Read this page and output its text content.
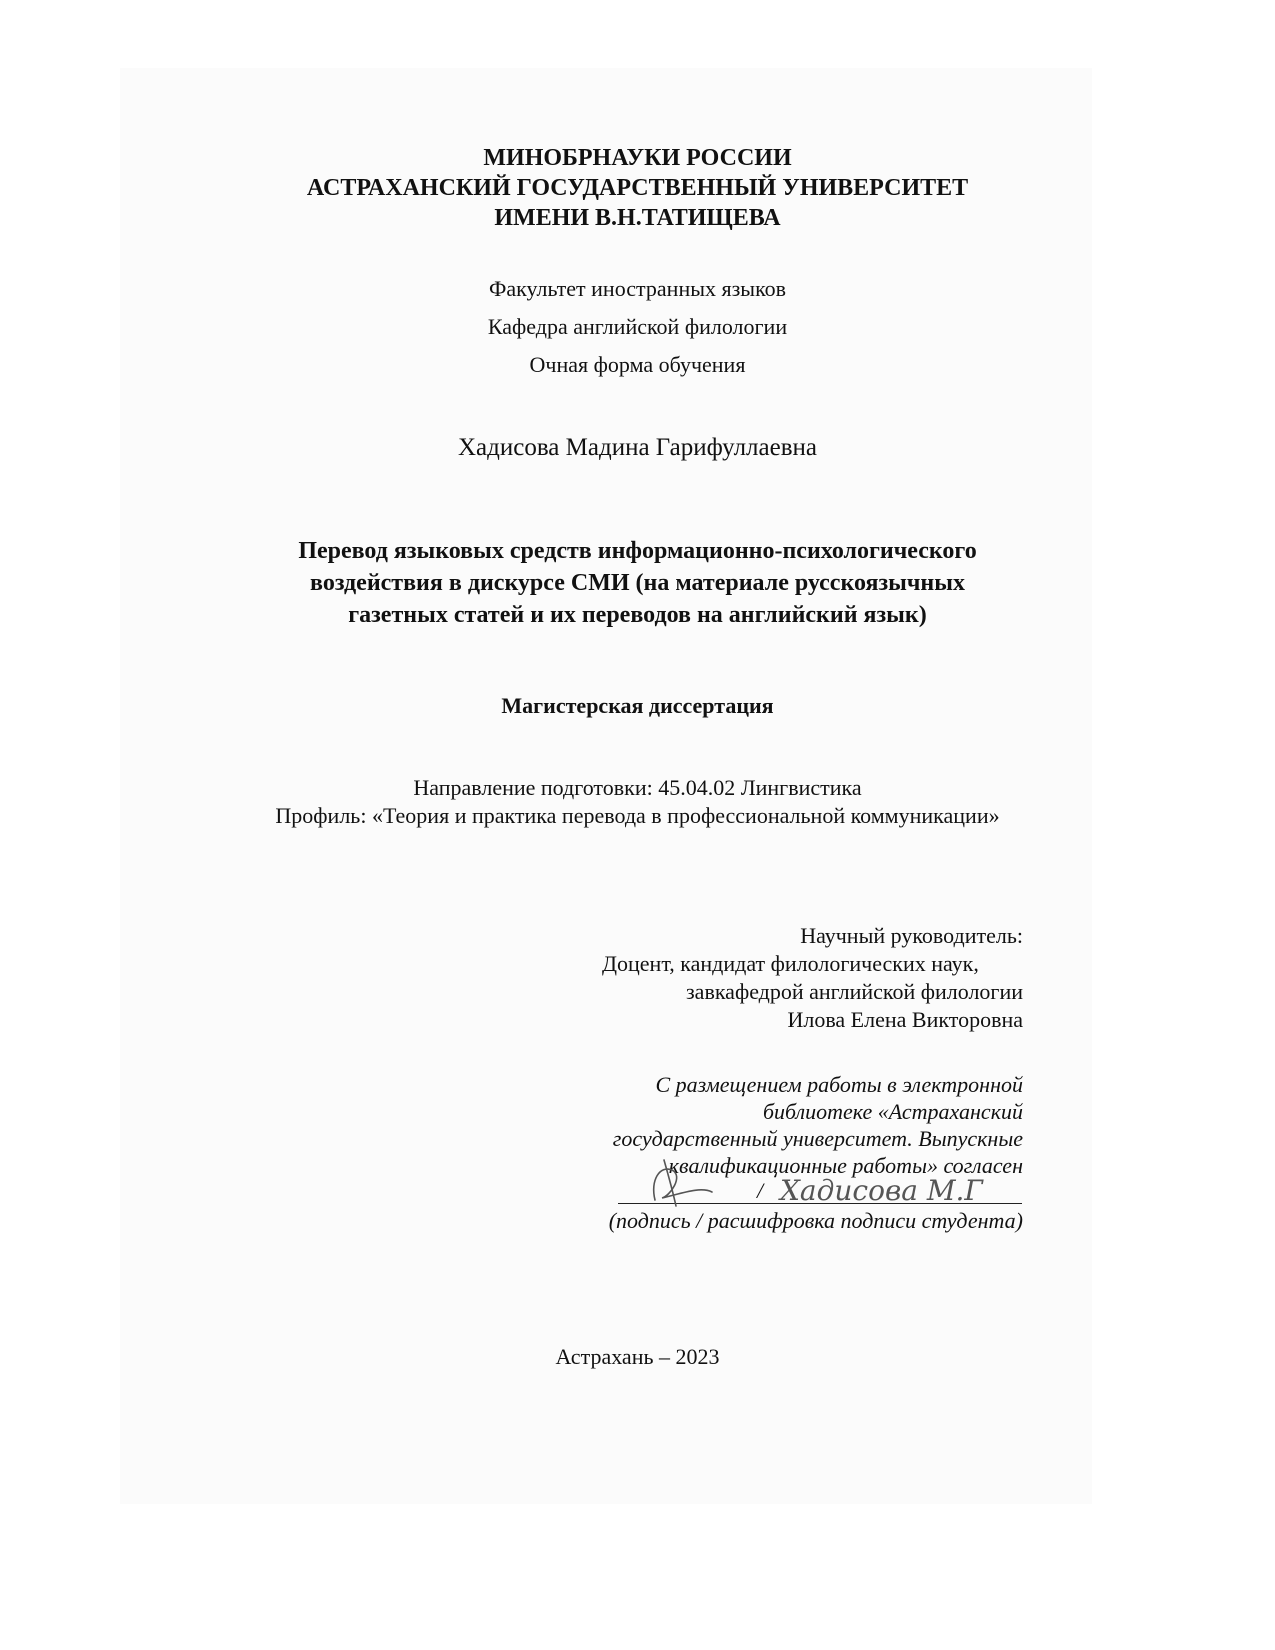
МИНОБРНАУКИ РОССИИ
АСТРАХАНСКИЙ ГОСУДАРСТВЕННЫЙ УНИВЕРСИТЕТ
ИМЕНИ В.Н.ТАТИЩЕВА
Факультет иностранных языков
Кафедра английской филологии
Очная форма обучения
Хадисова Мадина Гарифуллаевна
Перевод языковых средств информационно-психологического
воздействия в дискурсе СМИ (на материале русскоязычных
газетных статей и их переводов на английский язык)
Магистерская диссертация
Направление подготовки: 45.04.02 Лингвистика
Профиль: «Теория и практика перевода в профессиональной коммуникации»
Научный руководитель:
Доцент, кандидат филологических наук,
завкафедрой английской филологии
Илова Елена Викторовна
С размещением работы в электронной
библиотеке «Астраханский
государственный университет. Выпускные
квалификационные работы» согласен
/ Хадисова М.Г
(подпись / расшифровка подписи студента)
Астрахань – 2023
